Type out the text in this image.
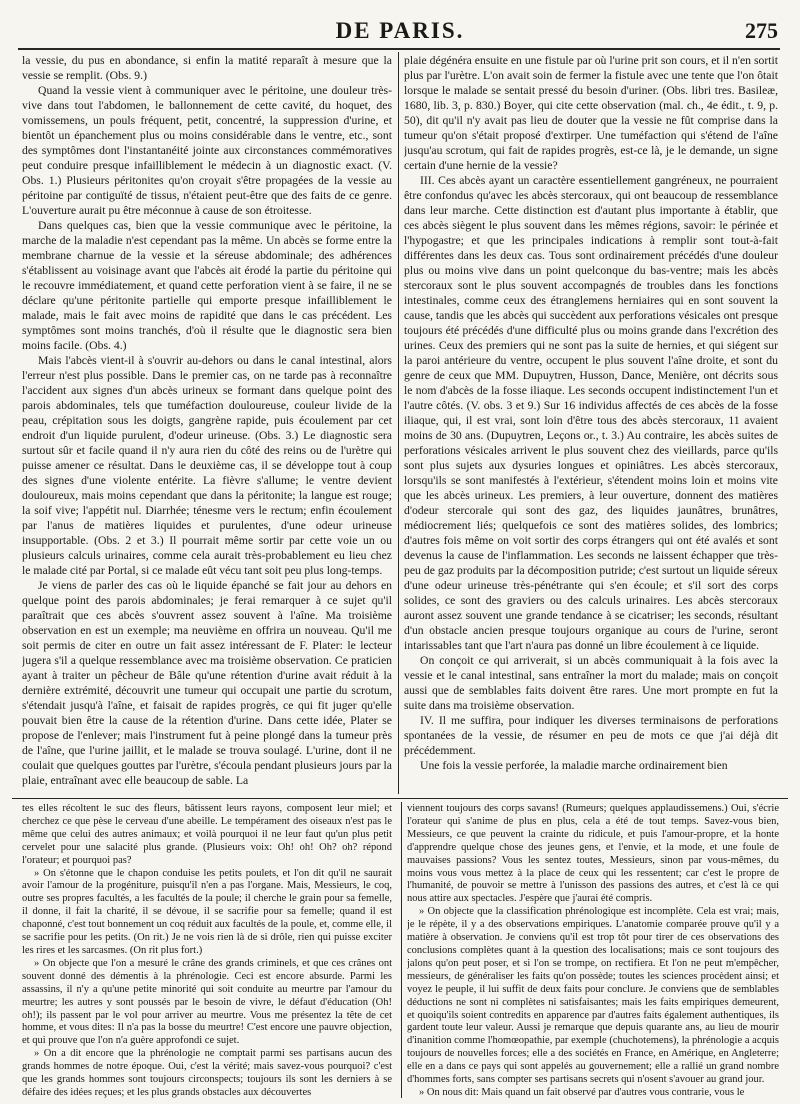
DE PARIS.	275

la vessie, du pus en abondance, si enfin la matité reparaît à mesure que la vessie se remplit. (Obs. 9.)

Quand la vessie vient à communiquer avec le péritoine, une douleur très-vive dans tout l'abdomen, le ballonnement de cette cavité, du hoquet, des vomissemens, un pouls fréquent, petit, concentré, la suppression d'urine, et bientôt un épanchement plus ou moins considérable dans le ventre, etc., sont des symptômes dont l'instantanéité jointe aux circonstances commémoratives peut conduire presque infailliblement le médecin à un diagnostic exact. (V. Obs. 1.) Plusieurs péritonites qu'on croyait s'être propagées de la vessie au péritoine par contiguïté de tissus, n'étaient peut-être que des faits de ce genre. L'ouverture aurait pu être méconnue à cause de son étroitesse.

Dans quelques cas, bien que la vessie communique avec le péritoine, la marche de la maladie n'est cependant pas la même. Un abcès se forme entre la membrane charnue de la vessie et la séreuse abdominale; des adhérences s'établissent au voisinage avant que l'abcès ait érodé la partie du péritoine qui le recouvre immédiatement, et quand cette perforation vient à se faire, il ne se déclare qu'une péritonite partielle qui emporte presque infailliblement le malade, mais le fait avec moins de rapidité que dans le cas précédent. Les symptômes sont moins tranchés, d'où il résulte que le diagnostic sera bien moins facile. (Obs. 4.)

Mais l'abcès vient-il à s'ouvrir au-dehors ou dans le canal intestinal, alors l'erreur n'est plus possible. Dans le premier cas, on ne tarde pas à reconnaître l'accident aux signes d'un abcès urineux se formant dans quelque point des parois abdominales, tels que tuméfaction douloureuse, couleur livide de la peau, crépitation sous les doigts, gangrène rapide, puis écoulement par cet endroit d'un liquide purulent, d'odeur urineuse. (Obs. 3.) Le diagnostic sera surtout sûr et facile quand il n'y aura rien du côté des reins ou de l'urètre qui puisse amener ce résultat. Dans le deuxième cas, il se développe tout à coup des signes d'une violente entérite. La fièvre s'allume; le ventre devient douloureux, mais moins cependant que dans la péritonite; la langue est rouge; la soif vive; l'appétit nul. Diarrhée; ténesme vers le rectum; enfin écoulement par l'anus de matières liquides et purulentes, d'une odeur urineuse insupportable. (Obs. 2 et 3.) Il pourrait même sortir par cette voie un ou plusieurs calculs urinaires, comme cela aurait très-probablement eu lieu chez le malade cité par Portal, si ce malade eût vécu tant soit peu plus long-temps.

Je viens de parler des cas où le liquide épanché se fait jour au dehors en quelque point des parois abdominales; je ferai remarquer à ce sujet qu'il paraîtrait que ces abcès s'ouvrent assez souvent à l'aîne. Ma troisième observation en est un exemple; ma neuvième en offrira un nouveau. Qu'il me soit permis de citer en outre un fait assez intéressant de F. Plater: le lecteur jugera s'il a quelque ressemblance avec ma troisième observation. Ce praticien ayant à traiter un pêcheur de Bâle qu'une rétention d'urine avait réduit à la dernière extrémité, découvrit une tumeur qui occupait une partie du scrotum, s'étendait jusqu'à l'aîne, et faisait de rapides progrès, ce qui fit juger qu'elle pouvait bien être la cause de la rétention d'urine. Dans cette idée, Plater se propose de l'enlever; mais l'instrument fut à peine plongé dans la tumeur près de l'aîne, que l'urine jaillit, et le malade se trouva soulagé. L'urine, dont il ne coulait que quelques gouttes par l'urètre, s'écoula pendant plusieurs jours par la plaie, entraînant avec elle beaucoup de sable. La

plaie dégénéra ensuite en une fistule par où l'urine prit son cours, et il n'en sortit plus par l'urètre. L'on avait soin de fermer la fistule avec une tente que l'on ôtait lorsque le malade se sentait pressé du besoin d'uriner. (Obs. libri tres. Basileæ, 1680, lib. 3, p. 830.) Boyer, qui cite cette observation (mal. ch., 4e édit., t. 9, p. 50), dit qu'il n'y avait pas lieu de douter que la vessie ne fût comprise dans la tumeur qu'on s'était proposé d'extirper. Une tuméfaction qui s'étend de l'aîne jusqu'au scrotum, qui fait de rapides progrès, est-ce là, je le demande, un signe certain d'une hernie de la vessie?

III. Ces abcès ayant un caractère essentiellement gangréneux, ne pourraient être confondus qu'avec les abcès stercoraux, qui ont beaucoup de ressemblance dans leur marche. Cette distinction est d'autant plus importante à établir, que ces abcès siègent le plus souvent dans les mêmes régions, savoir: le périnée et l'hypogastre; et que les principales indications à remplir sont tout-à-fait différentes dans les deux cas. Tous sont ordinairement précédés d'une douleur plus ou moins vive dans un point quelconque du bas-ventre; mais les abcès stercoraux sont le plus souvent accompagnés de troubles dans les fonctions intestinales, comme ceux des étranglemens herniaires qui en sont souvent la cause, tandis que les abcès qui succèdent aux perforations vésicales ont presque toujours été précédés d'une difficulté plus ou moins grande dans l'excrétion des urines. Ceux des premiers qui ne sont pas la suite de hernies, et qui siégent sur la paroi antérieure du ventre, occupent le plus souvent l'aîne droite, et sont du genre de ceux que MM. Dupuytren, Husson, Dance, Menière, ont décrits sous le nom d'abcès de la fosse iliaque. Les seconds occupent indistinctement l'un et l'autre côtés. (V. obs. 3 et 9.) Sur 16 individus affectés de ces abcès de la fosse iliaque, qui, il est vrai, sont loin d'être tous des abcès stercoraux, 11 avaient moins de 30 ans. (Dupuytren, Leçons or., t. 3.) Au contraire, les abcès suites de perforations vésicales arrivent le plus souvent chez des vieillards, parce qu'ils sont plus sujets aux dysuries longues et opiniâtres. Les abcès stercoraux, lorsqu'ils se sont manifestés à l'extérieur, s'étendent moins loin et moins vite que les abcès urineux. Les premiers, à leur ouverture, donnent des matières d'odeur stercorale qui sont des gaz, des liquides jaunâtres, brunâtres, médiocrement liés; quelquefois ce sont des matières solides, des lombrics; d'autres fois même on voit sortir des corps étrangers qui ont été avalés et sont devenus la cause de l'inflammation. Les seconds ne laissent échapper que très-peu de gaz produits par la décomposition putride; c'est surtout un liquide séreux d'une odeur urineuse très-pénétrante qui s'en écoule; et s'il sort des corps solides, ce sont des graviers ou des calculs urinaires. Les abcès stercoraux auront assez souvent une grande tendance à se cicatriser; les seconds, résultant d'un obstacle ancien presque toujours organique au cours de l'urine, seront intarissables tant que l'art n'aura pas donné un libre écoulement à ce liquide.

On conçoit ce qui arriverait, si un abcès communiquait à la fois avec la vessie et le canal intestinal, sans entraîner la mort du malade; mais on conçoit aussi que de semblables faits doivent être rares. Une mort prompte en fut la suite dans ma troisième observation.

IV. Il me suffira, pour indiquer les diverses terminaisons de perforations spontanées de la vessie, de résumer en peu de mots ce que j'ai déjà dit précédemment.

Une fois la vessie perforée, la maladie marche ordinairement bien

tes elles récoltent le suc des fleurs, bâtissent leurs rayons, composent leur miel; et cherchez ce que pèse le cerveau d'une abeille. Le tempérament des oiseaux n'est pas le même que celui des autres animaux; et voilà pourquoi il ne leur faut qu'un plus petit cervelet pour une salacité plus grande. (Plusieurs voix: Oh! oh! Oh? oh? répond l'orateur; et pourquoi pas?

» On s'étonne que le chapon conduise les petits poulets, et l'on dit qu'il ne saurait avoir l'amour de la progéniture, puisqu'il n'en a pas l'organe. Mais, Messieurs, le coq, outre ses propres facultés, a les facultés de la poule; il cherche le grain pour sa femelle, il donne, il fait la charité, il se dévoue, il se sacrifie pour sa femelle; quand il est chaponné, c'est tout bonnement un coq réduit aux facultés de la poule, et, comme elle, il se sacrifie pour les petits. (On rit.) Je ne vois rien là de si drôle, rien qui puisse exciter les rires et les sarcasmes. (On rit plus fort.)

» On objecte que l'on a mesuré le crâne des grands criminels, et que ces crânes ont souvent donné des démentis à la phrénologie. Ceci est encore absurde. Parmi les assassins, il n'y a qu'une petite minorité qui soit conduite au meurtre par l'amour du meurtre; les autres y sont poussés par le besoin de vivre, le défaut d'éducation (Oh! oh!); ils passent par le vol pour arriver au meurtre. Vous me présentez la tête de cet homme, et vous dites: Il n'a pas la bosse du meurtre! C'est encore une pauvre objection, et qui prouve que l'on n'a guère approfondi ce sujet.

» On a dit encore que la phrénologie ne comptait parmi ses partisans aucun des grands hommes de notre époque. Oui, c'est la vérité; mais savez-vous pourquoi? c'est que les grands hommes sont toujours circonspects; toujours ils sont les derniers à se défaire des idées reçues; et les plus grands obstacles aux découvertes

viennent toujours des corps savans! (Rumeurs; quelques applaudissemens.) Oui, s'écrie l'orateur qui s'anime de plus en plus, cela a été de tout temps. Savez-vous bien, Messieurs, ce que peuvent la crainte du ridicule, et puis l'amour-propre, et la honte d'apprendre quelque chose des jeunes gens, et l'envie, et la mode, et une foule de mauvaises passions? Vous les sentez toutes, Messieurs, sinon par vous-mêmes, du moins vous vous mettez à la place de ceux qui les ressentent; car c'est le propre de l'humanité, de pouvoir se mettre à l'unisson des passions des autres, et c'est là ce qui nous attire aux spectacles. J'espère que j'aurai été compris.

» On objecte que la classification phrénologique est incomplète. Cela est vrai; mais, je le répète, il y a des observations empiriques. L'anatomie comparée prouve qu'il y a matière à observation. Je conviens qu'il est trop tôt pour tirer de ces observations des conclusions complètes quant à la question des localisations; mais ce sont toujours des jalons qu'on peut poser, et si l'on se trompe, on rectifiera. Et l'on ne peut m'empêcher, messieurs, de généraliser les faits qu'on possède; toutes les sciences procèdent ainsi; et voyez le peuple, il lui suffit de deux faits pour conclure. Je conviens que de semblables déductions ne sont ni complètes ni satisfaisantes; mais les faits empiriques demeurent, et quoiqu'ils soient contredits en apparence par d'autres faits également authentiques, ils gardent toute leur valeur. Aussi je remarque que depuis quarante ans, au lieu de mourir d'inanition comme l'homœopathie, par exemple (chuchotemens), la phrénologie a acquis toujours de nouvelles forces; elle a des sociétés en France, en Amérique, en Angleterre; elle en a dans ce pays qui sont appelés au gouvernement; elle a rallié un grand nombre d'hommes forts, sans compter ses partisans secrets qui n'osent s'avouer au grand jour.

» On nous dit: Mais quand un fait observé par d'autres vous contrarie, vous le
